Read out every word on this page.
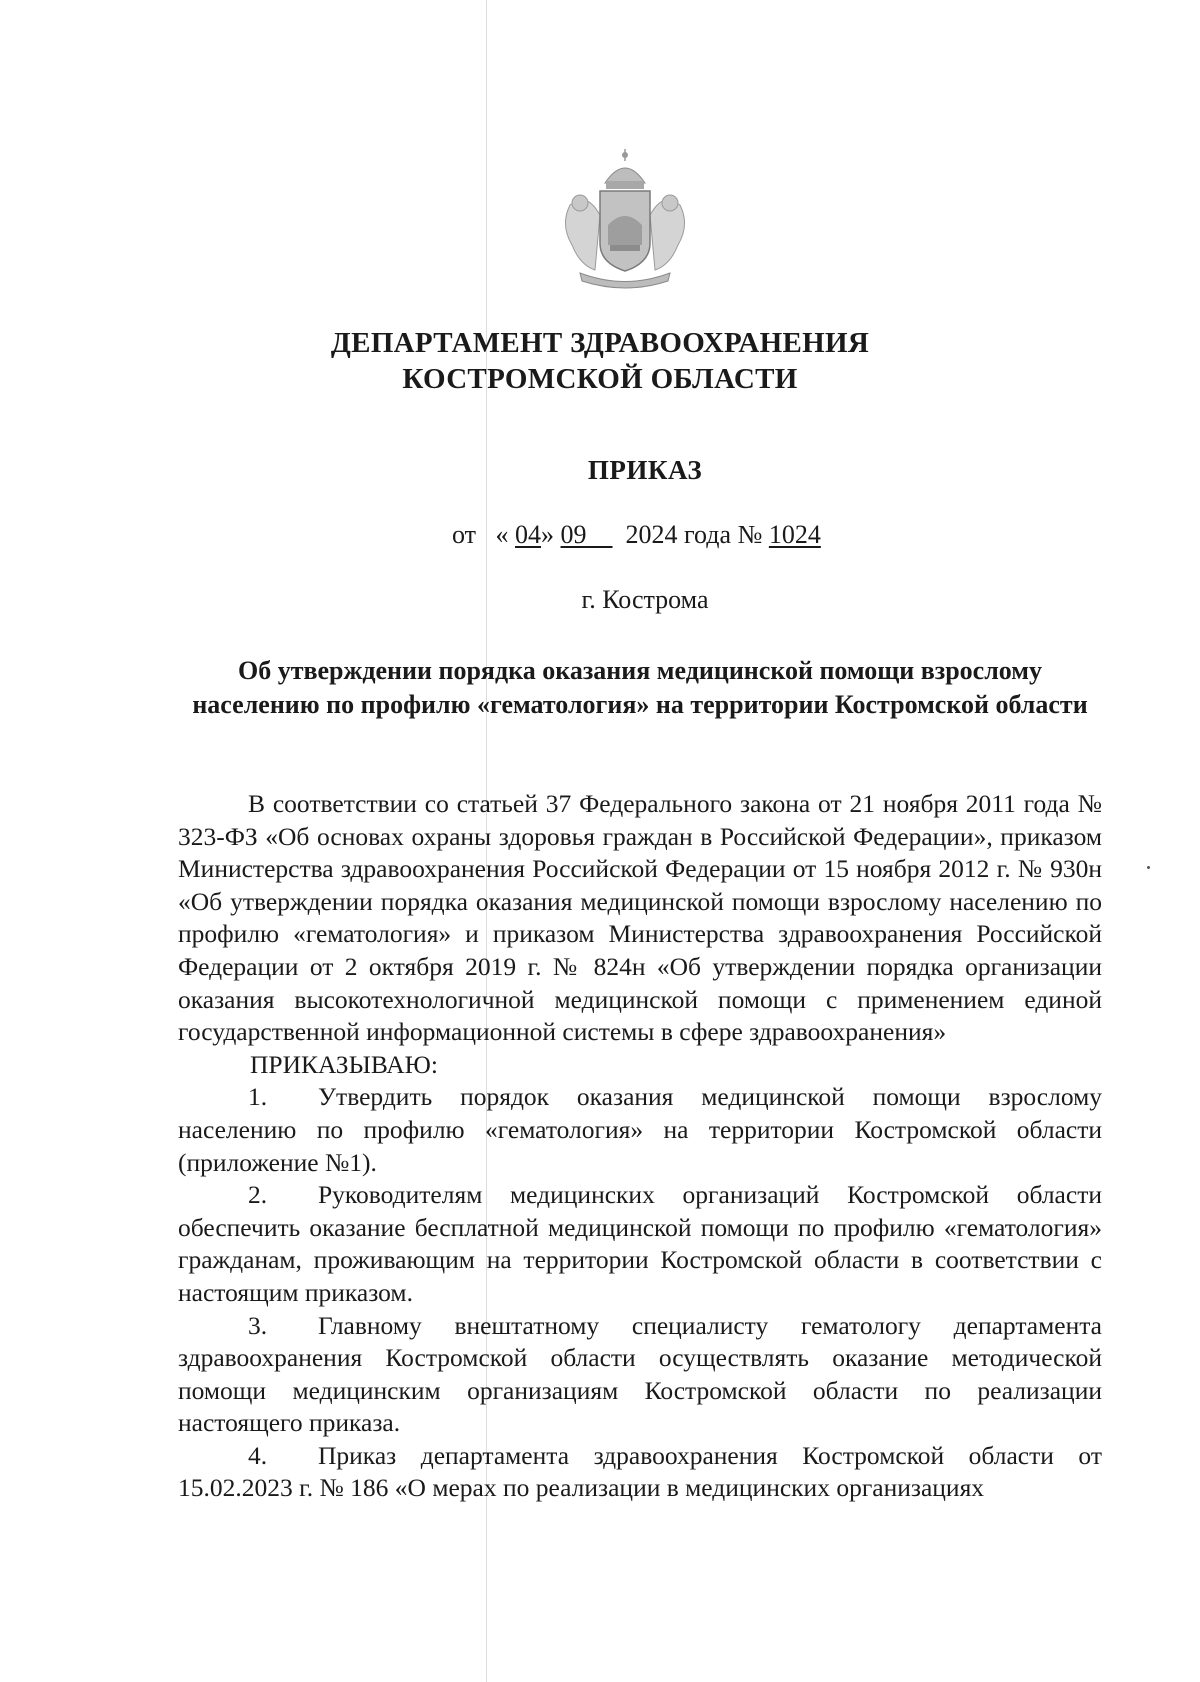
ДЕПАРТАМЕНТ ЗДРАВООХРАНЕНИЯ
КОСТРОМСКОЙ ОБЛАСТИ
ПРИКАЗ
от   « 04» 09 2024 года № 1024
г. Кострома
Об утверждении порядка оказания медицинской помощи взрослому населению по профилю «гематология» на территории Костромской области

В соответствии со статьей 37 Федерального закона от 21 ноября 2011 года № 323-ФЗ «Об основах охраны здоровья граждан в Российской Федерации», приказом Министерства здравоохранения Российской Федерации от 15 ноября 2012 г. № 930н «Об утверждении порядка оказания медицинской помощи взрослому населению по профилю «гематология» и приказом Министерства здравоохранения Российской Федерации от 2 октября 2019 г. № 824н «Об утверждении порядка организации оказания высокотехнологичной медицинской помощи с применением единой государственной информационной системы в сфере здравоохранения»

ПРИКАЗЫВАЮ:

1. Утвердить порядок оказания медицинской помощи взрослому населению по профилю «гематология» на территории Костромской области (приложение №1).

2. Руководителям медицинских организаций Костромской области обеспечить оказание бесплатной медицинской помощи по профилю «гематология» гражданам, проживающим на территории Костромской области в соответствии с настоящим приказом.

3. Главному внештатному специалисту гематологу департамента здравоохранения Костромской области осуществлять оказание методической помощи медицинским организациям Костромской области по реализации настоящего приказа.

4. Приказ департамента здравоохранения Костромской области от 15.02.2023 г. № 186 «О мерах по реализации в медицинских организациях
